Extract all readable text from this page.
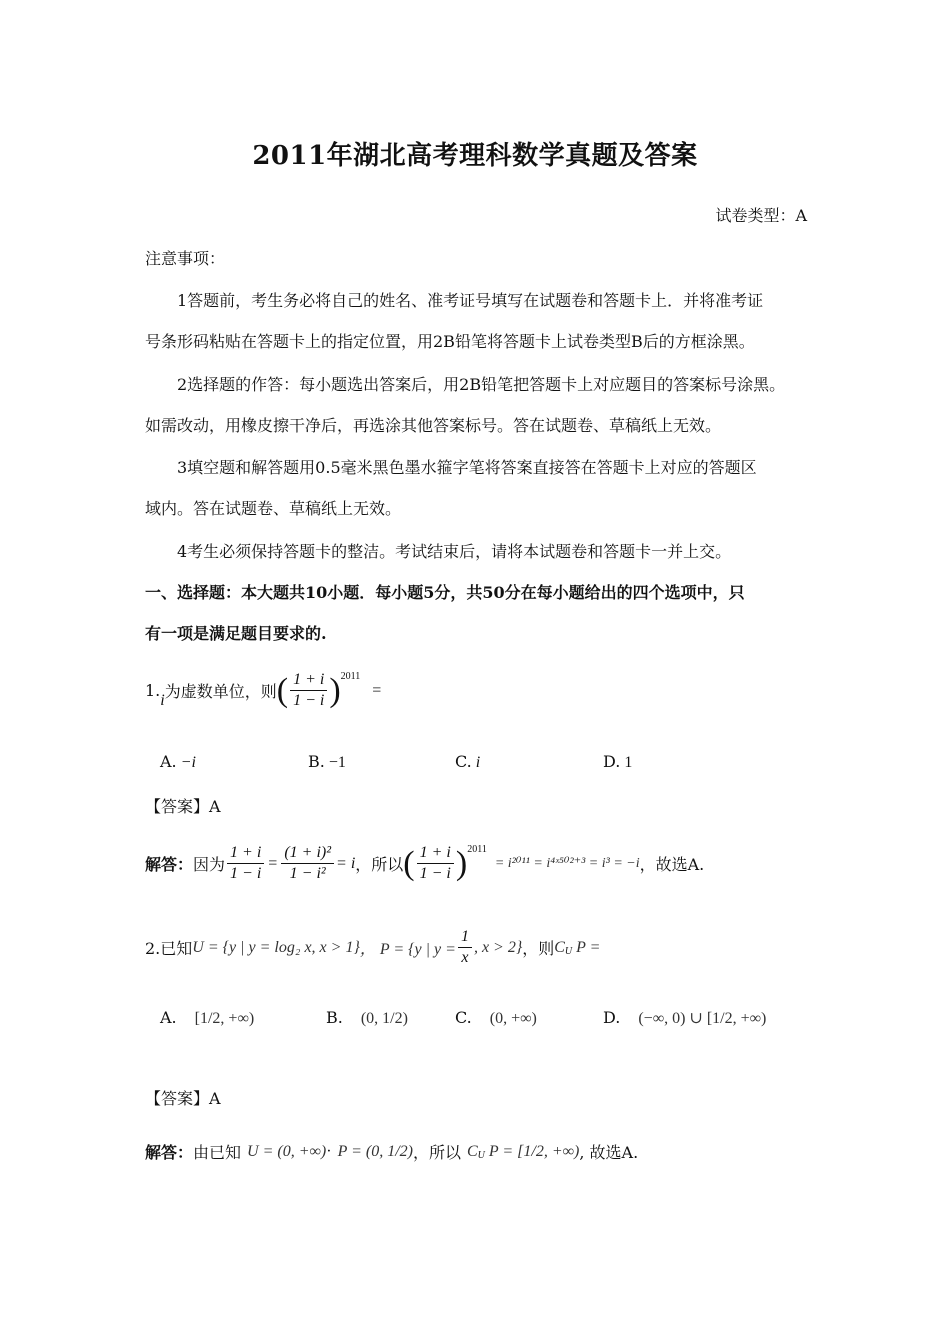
2011年湖北高考理科数学真题及答案
试卷类型：A
注意事项：
1答题前，考生务必将自己的姓名、准考证号填写在试题卷和答题卡上．并将准考证
号条形码粘贴在答题卡上的指定位置，用2B铅笔将答题卡上试卷类型B后的方框涂黑。
2选择题的作答：每小题选出答案后，用2B铅笔把答题卡上对应题目的答案标号涂黑。
如需改动，用橡皮擦干净后，再选涂其他答案标号。答在试题卷、草稿纸上无效。
3填空题和解答题用0.5毫米黑色墨水箍字笔将答案直接答在答题卡上对应的答题区
域内。答在试题卷、草稿纸上无效。
4考生必须保持答题卡的整洁。考试结束后，请将本试题卷和答题卡一并上交。
一、选择题：本大题共10小题．每小题5分，共50分在每小题给出的四个选项中，只
有一项是满足题目要求的.
1. i 为虚数单位，则 ( $\frac{1 + i}{1 - i}$ ) 2011
=
A. −i	B. −1	C. i	D. 1
【答案】A
解答： 因为 $\frac{1 + i}{1 - i} = \frac{\text{(1 + i)²}}{\text{1 − i²}} = i$ ，所以 ( $\frac{1 + i}{1 - i}$ ) 2011
= i²⁰¹¹ = i⁴ˣ⁵⁰²⁺³ = i³ = −i ，故选A.
2.已知 U = {y | y = log₂ x, x > 1} ， P = {y | $y = \frac{1}{x}$ , x > 2} ，则 C U P =
A. [1/2, +∞)	B. (0, 1/2)	C. (0, +∞)	D. (−∞, 0) ∪ [1/2, +∞)
【答案】A
解答： 由已知 U = (0, +∞) · P = (0, 1/2) ，所以 C U P = [1/2, +∞) , 故选A.
